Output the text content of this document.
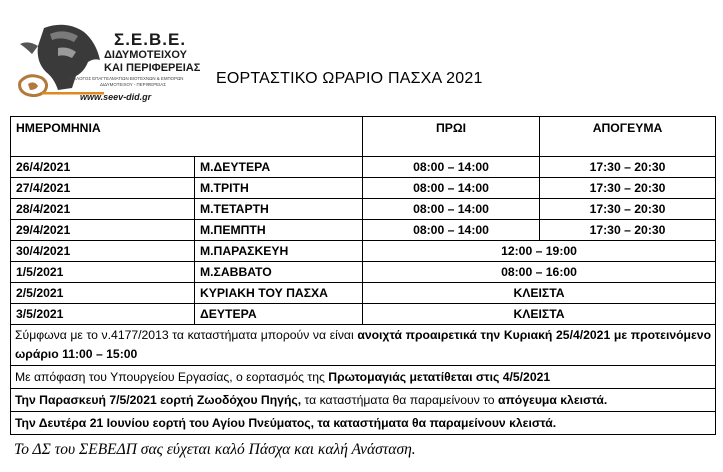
Σ.Ε.Β.Ε.
ΔΙΔΥΜΟΤΕΙΧΟΥ
ΚΑΙ ΠΕΡΙΦΕΡΕΙΑΣ
ΣΥΛΛΟΓΟΣ ΕΠΑΓΓΕΛΜΑΤΙΩΝ ΒΙΟΤΕΧΝΩΝ & ΕΜΠΟΡΩΝ
ΔΙΔΥΜΟΤΕΙΧΟΥ - ΠΕΡΙΦΕΡΕΙΑΣ
www.seev-did.gr
ΕΟΡΤΑΣΤΙΚΟ ΩΡΑΡΙΟ ΠΑΣΧΑ 2021
ΗΜΕΡΟΜΗΝΙΑ		ΠΡΩΙ	ΑΠΟΓΕΥΜΑ
26/4/2021	Μ.ΔΕΥΤΕΡΑ	08:00 – 14:00	17:30 – 20:30
27/4/2021	Μ.ΤΡΙΤΗ	08:00 – 14:00	17:30 – 20:30
28/4/2021	Μ.ΤΕΤΑΡΤΗ	08:00 – 14:00	17:30 – 20:30
29/4/2021	Μ.ΠΕΜΠΤΗ	08:00 – 14:00	17:30 – 20:30
30/4/2021	Μ.ΠΑΡΑΣΚΕΥΗ	12:00 – 19:00	
1/5/2021	Μ.ΣΑΒΒΑΤΟ	08:00 – 16:00	
2/5/2021	ΚΥΡΙΑΚΗ ΤΟΥ ΠΑΣΧΑ	ΚΛΕΙΣΤΑ	
3/5/2021	ΔΕΥΤΕΡΑ	ΚΛΕΙΣΤΑ	
Σύμφωνα με το ν.4177/2013 τα καταστήματα μπορούν να είναι ανοιχτά προαιρετικά την Κυριακή 25/4/2021 με προτεινόμενο ωράριο 11:00 – 15:00			
Με απόφαση του Υπουργείου Εργασίας, ο εορτασμός της Πρωτομαγιάς μετατίθεται στις 4/5/2021			
Την Παρασκευή 7/5/2021 εορτή Ζωοδόχου Πηγής, τα καταστήματα θα παραμείνουν το απόγευμα κλειστά.			
Την Δευτέρα 21 Ιουνίου εορτή του Αγίου Πνεύματος, τα καταστήματα θα παραμείνουν κλειστά.			
Το ΔΣ του ΣΕΒΕΔΠ σας εύχεται καλό Πάσχα και καλή Ανάσταση.
